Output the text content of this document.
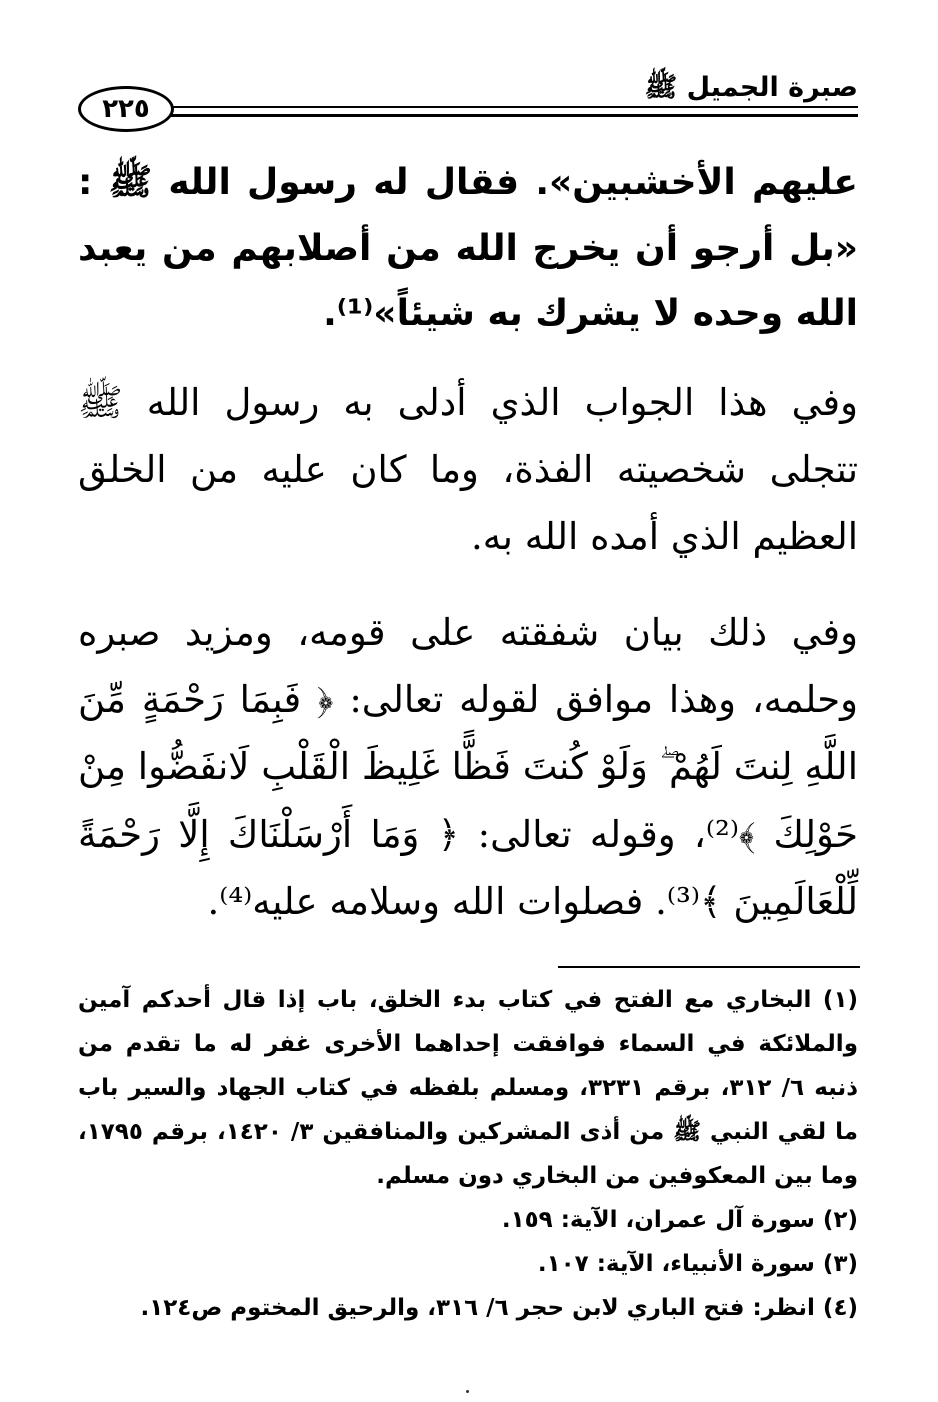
صبرة الجميل ﷺ
٢٢٥

عليهم الأخشبين». فقال له رسول الله ﷺ : «بل أرجو أن يخرج الله من أصلابهم من يعبد الله وحده لا يشرك به شيئاً»⁽¹⁾.

وفي هذا الجواب الذي أدلى به رسول الله ﷺ تتجلى شخصيته الفذة، وما كان عليه من الخلق العظيم الذي أمده الله به.

وفي ذلك بيان شفقته على قومه، ومزيد صبره وحلمه، وهذا موافق لقوله تعالى: ﴿ فَبِمَا رَحْمَةٍ مِّنَ اللَّهِ لِنتَ لَهُمْ ۖ وَلَوْ كُنتَ فَظًّا غَلِيظَ الْقَلْبِ لَانفَضُّوا مِنْ حَوْلِكَ ﴾⁽²⁾، وقوله تعالى: ﴿ وَمَا أَرْسَلْنَاكَ إِلَّا رَحْمَةً لِّلْعَالَمِينَ ﴾⁽³⁾. فصلوات الله وسلامه عليه⁽⁴⁾.

(١) البخاري مع الفتح في كتاب بدء الخلق، باب إذا قال أحدكم آمين والملائكة في السماء فوافقت إحداهما الأخرى غفر له ما تقدم من ذنبه ٦/ ٣١٢، برقم ٣٢٣١، ومسلم بلفظه في كتاب الجهاد والسير باب ما لقي النبي ﷺ من أذى المشركين والمنافقين ٣/ ١٤٢٠، برقم ١٧٩٥، وما بين المعكوفين من البخاري دون مسلم.

(٢) سورة آل عمران، الآية: ١٥٩.

(٣) سورة الأنبياء، الآية: ١٠٧.

(٤) انظر: فتح الباري لابن حجر ٦/ ٣١٦، والرحيق المختوم ص١٢٤.
